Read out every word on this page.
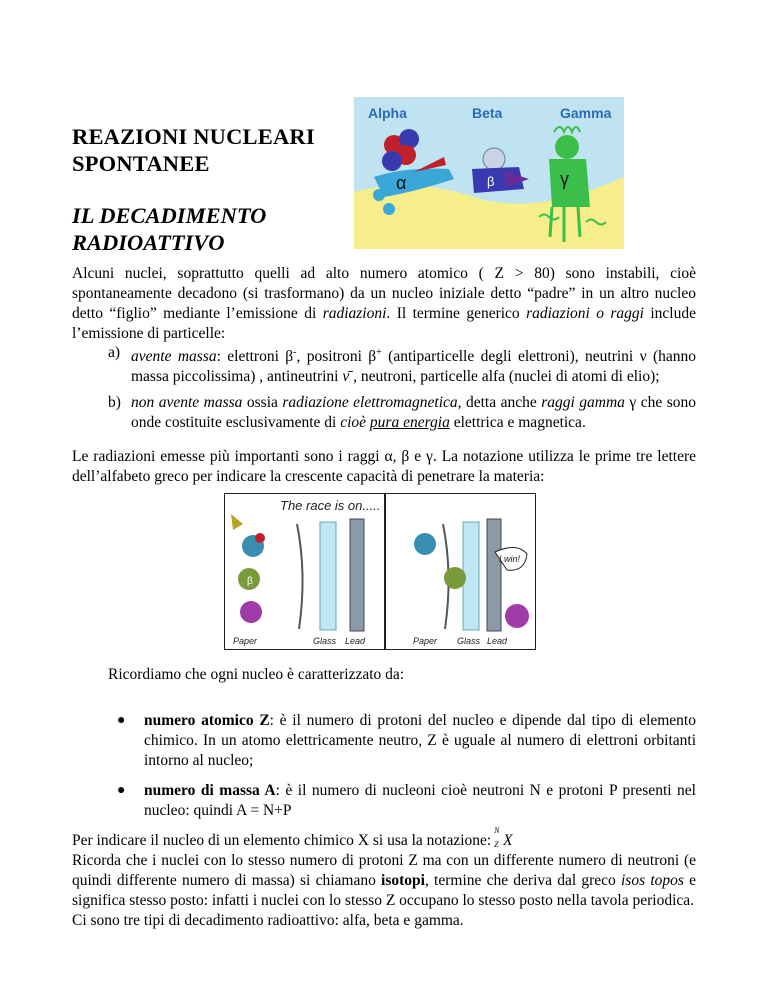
REAZIONI NUCLEARI
SPONTANEE
IL DECADIMENTO
RADIOATTIVO
Alpha	Beta	Gamma
α	β	γ
Alcuni nuclei, soprattutto quelli ad alto numero atomico ( Z > 80) sono instabili, cioè spontaneamente decadono (si trasformano) da un nucleo iniziale detto “padre” in un altro nucleo detto “figlio” mediante l’emissione di radiazioni. Il termine generico radiazioni o raggi include l’emissione di particelle:
a) avente massa: elettroni β-, positroni β+ (antiparticelle degli elettroni), neutrini ν (hanno massa piccolissima) , antineutrini ν̄ , neutroni, particelle alfa (nuclei di atomi di elio);
b) non avente massa ossia radiazione elettromagnetica, detta anche raggi gamma γ che sono onde costituite esclusivamente di cioè pura energia elettrica e magnetica.
Le radiazioni emesse più importanti sono i raggi α, β e γ. La notazione utilizza le prime tre lettere dell’alfabeto greco per indicare la crescente capacità di penetrare la materia:
The race is on.....
β
I win!
Paper	Glass Lead	Paper Glass Lead
Ricordiamo che ogni nucleo è caratterizzato da:
● numero atomico Z: è il numero di protoni del nucleo e dipende dal tipo di elemento chimico. In un atomo elettricamente neutro, Z è uguale al numero di elettroni orbitanti intorno al nucleo;
● numero di massa A: è il numero di nucleoni cioè neutroni N e protoni P presenti nel nucleo: quindi A = N+P
Per indicare il nucleo di un elemento chimico X si usa la notazione:
N
Z X
Ricorda che i nuclei con lo stesso numero di protoni Z ma con un differente numero di neutroni (e quindi differente numero di massa) si chiamano isotopi, termine che deriva dal greco isos topos e significa stesso posto: infatti i nuclei con lo stesso Z occupano lo stesso posto nella tavola periodica.
Ci sono tre tipi di decadimento radioattivo: alfa, beta e gamma.
